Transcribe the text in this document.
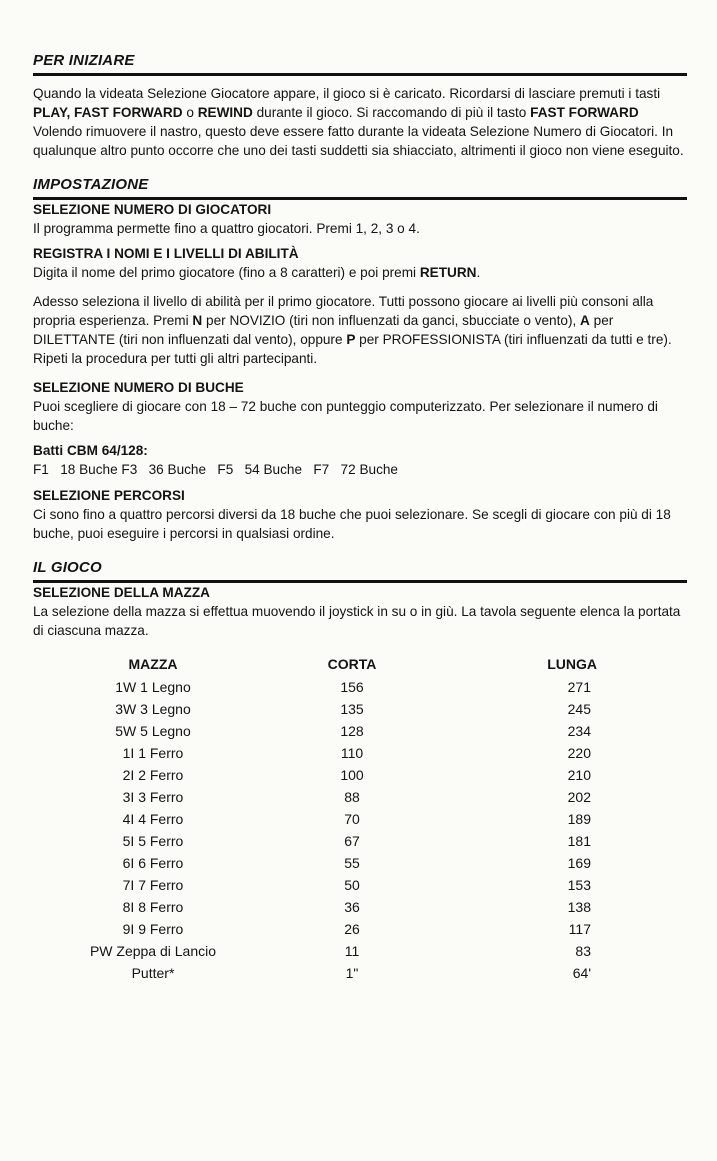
PER INIZIARE

Quando la videata Selezione Giocatore appare, il gioco si è caricato. Ricordarsi di lasciare premuti i tasti PLAY, FAST FORWARD o REWIND durante il gioco. Si raccomando di più il tasto FAST FORWARD Volendo rimuovere il nastro, questo deve essere fatto durante la videata Selezione Numero di Giocatori. In qualunque altro punto occorre che uno dei tasti suddetti sia shiacciato, altrimenti il gioco non viene eseguito.

IMPOSTAZIONE
SELEZIONE NUMERO DI GIOCATORI

Il programma permette fino a quattro giocatori. Premi 1, 2, 3 o 4.

REGISTRA I NOMI E I LIVELLI DI ABILITÀ

Digita il nome del primo giocatore (fino a 8 caratteri) e poi premi RETURN.

Adesso seleziona il livello di abilità per il primo giocatore. Tutti possono giocare ai livelli più consoni alla propria esperienza. Premi N per NOVIZIO (tiri non influenzati da ganci, sbucciate o vento), A per DILETTANTE (tiri non influenzati dal vento), oppure P per PROFESSIONISTA (tiri influenzati da tutti e tre). Ripeti la procedura per tutti gli altri partecipanti.

SELEZIONE NUMERO DI BUCHE

Puoi scegliere di giocare con 18 – 72 buche con punteggio computerizzato. Per selezionare il numero di buche:

Batti CBM 64/128:
F1   18 Buche F3   36 Buche F5   54 Buche F7   72 Buche
SELEZIONE PERCORSI

Ci sono fino a quattro percorsi diversi da 18 buche che puoi selezionare. Se scegli di giocare con più di 18 buche, puoi eseguire i percorsi in qualsiasi ordine.

IL GIOCO
SELEZIONE DELLA MAZZA

La selezione della mazza si effettua muovendo il joystick in su o in giù. La tavola seguente elenca la portata di ciascuna mazza.

MAZZA	CORTA	LUNGA
1W 1 Legno	156	271
3W 3 Legno	135	245
5W 5 Legno	128	234
1I 1 Ferro	110	220
2I 2 Ferro	100	210
3I 3 Ferro	88	202
4I 4 Ferro	70	189
5I 5 Ferro	67	181
6I 6 Ferro	55	169
7I 7 Ferro	50	153
8I 8 Ferro	36	138
9I 9 Ferro	26	117
PW Zeppa di Lancio	11	83
Putter*	1"	64'
